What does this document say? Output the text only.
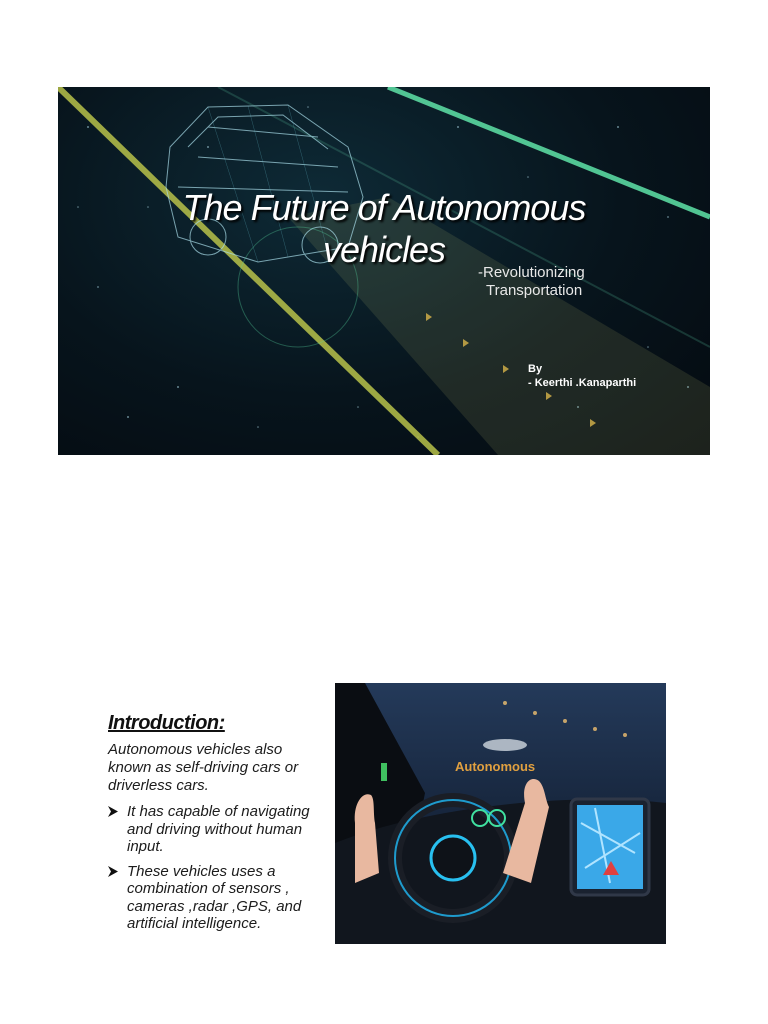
The Future of Autonomous
vehicles
-Revolutionizing
Transportation
By
- Keerthi .Kanaparthi
Introduction:

Autonomous vehicles also known as self-driving cars or driverless cars.

It has capable of navigating and driving without human input.
These vehicles uses a combination of sensors , cameras ,radar ,GPS, and artificial intelligence.
Autonomous
